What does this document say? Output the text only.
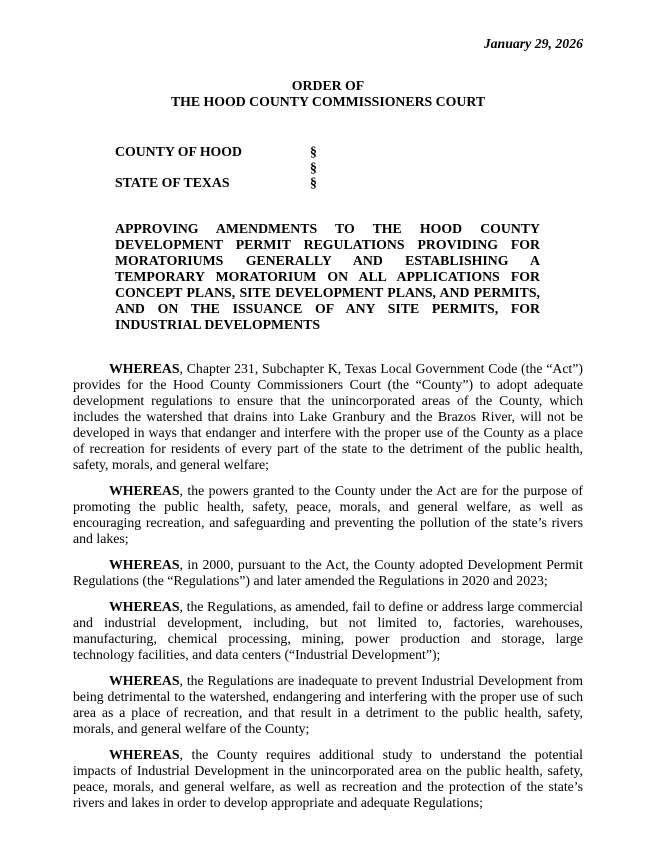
January 29, 2026

ORDER OF
THE HOOD COUNTY COMMISSIONERS COURT
COUNTY OF HOOD	§
§
STATE OF TEXAS	§

APPROVING AMENDMENTS TO THE HOOD COUNTY DEVELOPMENT PERMIT REGULATIONS PROVIDING FOR MORATORIUMS GENERALLY AND ESTABLISHING A TEMPORARY MORATORIUM ON ALL APPLICATIONS FOR CONCEPT PLANS, SITE DEVELOPMENT PLANS, AND PERMITS, AND ON THE ISSUANCE OF ANY SITE PERMITS, FOR INDUSTRIAL DEVELOPMENTS

WHEREAS, Chapter 231, Subchapter K, Texas Local Government Code (the “Act”) provides for the Hood County Commissioners Court (the “County”) to adopt adequate development regulations to ensure that the unincorporated areas of the County, which includes the watershed that drains into Lake Granbury and the Brazos River, will not be developed in ways that endanger and interfere with the proper use of the County as a place of recreation for residents of every part of the state to the detriment of the public health, safety, morals, and general welfare;

WHEREAS, the powers granted to the County under the Act are for the purpose of promoting the public health, safety, peace, morals, and general welfare, as well as encouraging recreation, and safeguarding and preventing the pollution of the state’s rivers and lakes;

WHEREAS, in 2000, pursuant to the Act, the County adopted Development Permit Regulations (the “Regulations”) and later amended the Regulations in 2020 and 2023;

WHEREAS, the Regulations, as amended, fail to define or address large commercial and industrial development, including, but not limited to, factories, warehouses, manufacturing, chemical processing, mining, power production and storage, large technology facilities, and data centers (“Industrial Development”);

WHEREAS, the Regulations are inadequate to prevent Industrial Development from being detrimental to the watershed, endangering and interfering with the proper use of such area as a place of recreation, and that result in a detriment to the public health, safety, morals, and general welfare of the County;

WHEREAS, the County requires additional study to understand the potential impacts of Industrial Development in the unincorporated area on the public health, safety, peace, morals, and general welfare, as well as recreation and the protection of the state’s rivers and lakes in order to develop appropriate and adequate Regulations;
